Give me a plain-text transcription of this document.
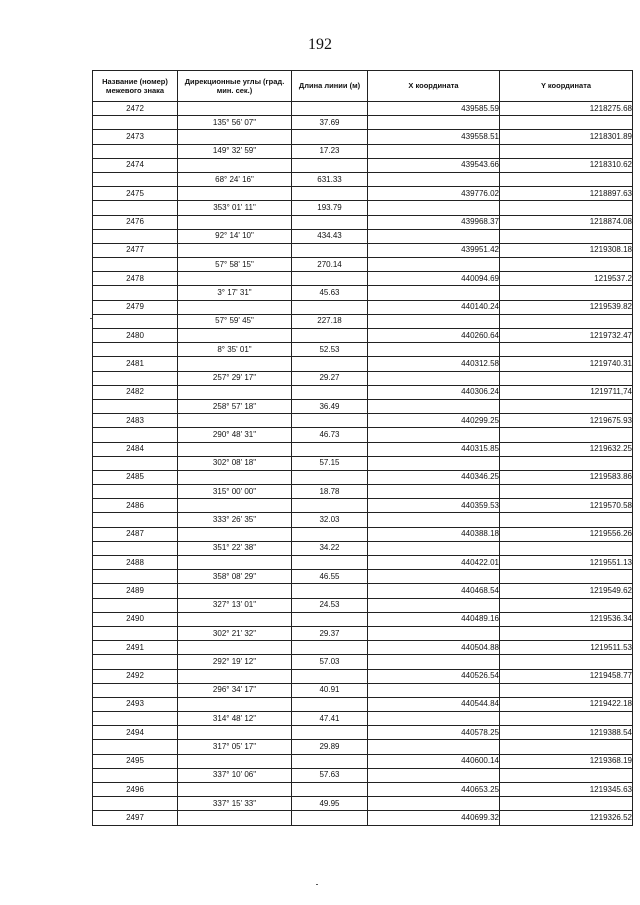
192
Название (номер) межевого знака	Дирекционные углы (град. мин. сек.)	Длина линии (м)	X координата	Y координата
2472			439585.59	1218275.68
	135° 56' 07"	37.69		
2473			439558.51	1218301.89
	149° 32' 59"	17.23		
2474			439543.66	1218310.62
	68° 24' 16"	631.33		
2475			439776.02	1218897.63
	353° 01' 11"	193.79		
2476			439968.37	1218874.08
	92° 14' 10"	434.43		
2477			439951.42	1219308.18
	57° 58' 15"	270.14		
2478			440094.69	1219537.2
	3° 17' 31"	45.63		
2479			440140.24	1219539.82
	57° 59' 45"	227.18		
2480			440260.64	1219732.47
	8° 35' 01"	52.53		
2481			440312.58	1219740.31
	257° 29' 17"	29.27		
2482			440306.24	1219711,74
	258° 57' 18"	36.49		
2483			440299.25	1219675.93
	290° 48' 31"	46.73		
2484			440315.85	1219632.25
	302° 08' 18"	57.15		
2485			440346.25	1219583.86
	315° 00' 00"	18.78		
2486			440359.53	1219570.58
	333° 26' 35"	32.03		
2487			440388.18	1219556.26
	351° 22' 38"	34.22		
2488			440422.01	1219551.13
	358° 08' 29"	46.55		
2489			440468.54	1219549.62
	327° 13' 01"	24.53		
2490			440489.16	1219536.34
	302° 21' 32"	29.37		
2491			440504.88	1219511.53
	292° 19' 12"	57.03		
2492			440526.54	1219458.77
	296° 34' 17"	40.91		
2493			440544.84	1219422.18
	314° 48' 12"	47.41		
2494			440578.25	1219388.54
	317° 05' 17"	29.89		
2495			440600.14	1219368.19
	337° 10' 06"	57.63		
2496			440653.25	1219345.63
	337° 15' 33"	49.95		
2497			440699.32	1219326.52
